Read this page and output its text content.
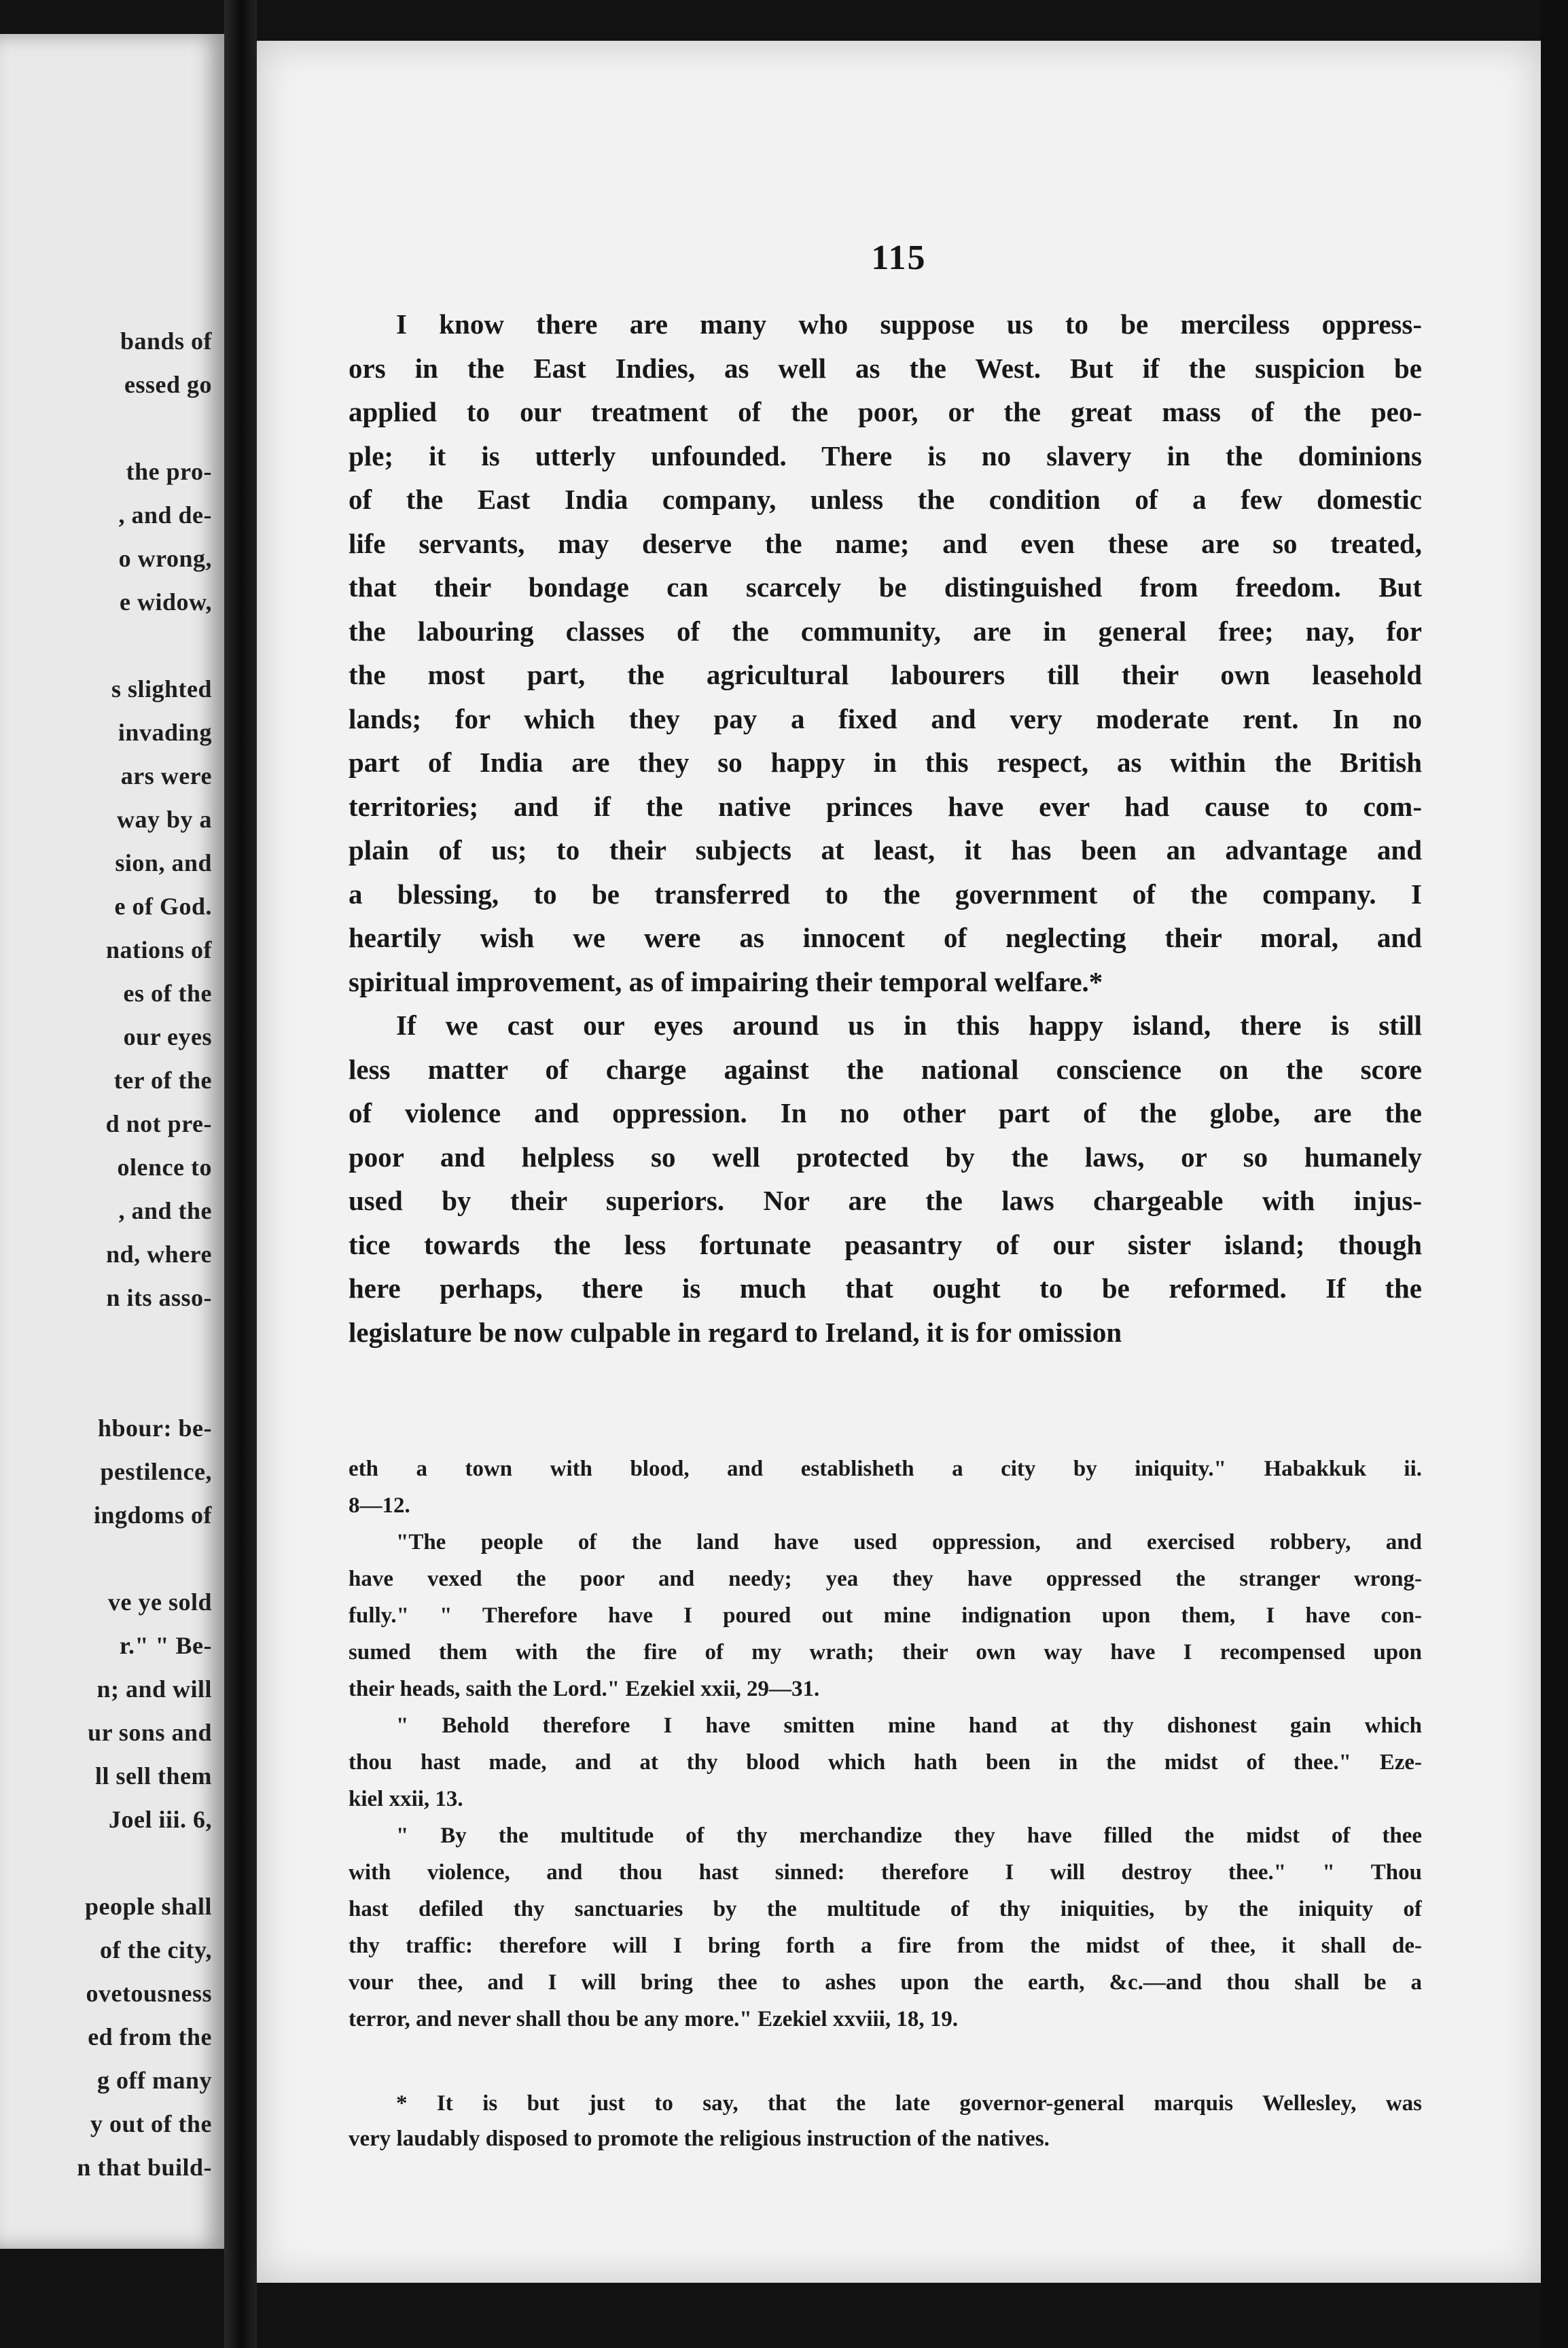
bands of
essed go
the pro-
, and de-
o wrong,
e widow,
s slighted
invading
ars were
way by a
sion, and
e of God.
nations of
es of the
our eyes
ter of the
d not pre-
olence to
, and the
nd, where
n its asso-
hbour: be-
pestilence,
ingdoms of
ve ye sold
r." " Be-
n; and will
ur sons and
ll sell them
Joel iii. 6,
people shall
of the city,
ovetousness
ed from the
g off many
y out of the
n that build-
115
I know there are many who suppose us to be merciless oppress-
ors in the East Indies, as well as the West. But if the suspicion be
applied to our treatment of the poor, or the great mass of the peo-
ple; it is utterly unfounded. There is no slavery in the dominions
of the East India company, unless the condition of a few domestic
life servants, may deserve the name; and even these are so treated,
that their bondage can scarcely be distinguished from freedom. But
the labouring classes of the community, are in general free; nay, for
the most part, the agricultural labourers till their own leasehold
lands; for which they pay a fixed and very moderate rent. In no
part of India are they so happy in this respect, as within the British
territories; and if the native princes have ever had cause to com-
plain of us; to their subjects at least, it has been an advantage and
a blessing, to be transferred to the government of the company. I
heartily wish we were as innocent of neglecting their moral, and
spiritual improvement, as of impairing their temporal welfare.*
If we cast our eyes around us in this happy island, there is still
less matter of charge against the national conscience on the score
of violence and oppression. In no other part of the globe, are the
poor and helpless so well protected by the laws, or so humanely
used by their superiors. Nor are the laws chargeable with injus-
tice towards the less fortunate peasantry of our sister island; though
here perhaps, there is much that ought to be reformed. If the
legislature be now culpable in regard to Ireland, it is for omission
eth a town with blood, and establisheth a city by iniquity." Habakkuk ii.
8—12.
"The people of the land have used oppression, and exercised robbery, and
have vexed the poor and needy; yea they have oppressed the stranger wrong-
fully." " Therefore have I poured out mine indignation upon them, I have con-
sumed them with the fire of my wrath; their own way have I recompensed upon
their heads, saith the Lord." Ezekiel xxii, 29—31.
" Behold therefore I have smitten mine hand at thy dishonest gain which
thou hast made, and at thy blood which hath been in the midst of thee." Eze-
kiel xxii, 13.
" By the multitude of thy merchandize they have filled the midst of thee
with violence, and thou hast sinned: therefore I will destroy thee." " Thou
hast defiled thy sanctuaries by the multitude of thy iniquities, by the iniquity of
thy traffic: therefore will I bring forth a fire from the midst of thee, it shall de-
vour thee, and I will bring thee to ashes upon the earth, &c.—and thou shall be a
terror, and never shall thou be any more." Ezekiel xxviii, 18, 19.
* It is but just to say, that the late governor-general marquis Wellesley, was
very laudably disposed to promote the religious instruction of the natives.
